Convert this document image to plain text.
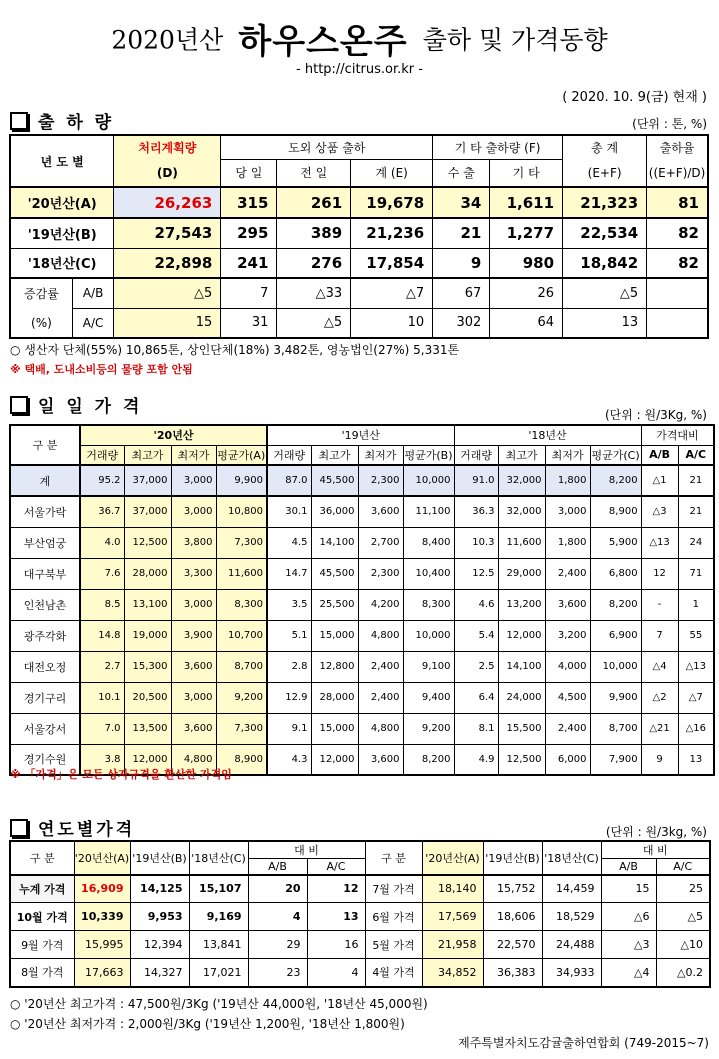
2020년산 하우스온주 출하 및 가격동향
- http://citrus.or.kr -
( 2020. 10. 9(금) 현재 )
출 하 량	(단위 : 톤, %)
년 도 별		처리계획량	도외 상품 출하			기 타 출하량 (F)		총 계	출하율
		(D)	당 일	전 일	계 (E)	수 출	기 타	(E+F)	((E+F)/D)
'20년산(A)		26,263	315	261	19,678	34	1,611	21,323	81
'19년산(B)		27,543	295	389	21,236	21	1,277	22,534	82
'18년산(C)		22,898	241	276	17,854	9	980	18,842	82
증감률	A/B	△5	7	△33	△7	67	26	△5	
(%)	A/C	15	31	△5	10	302	64	13	
○ 생산자 단체(55%) 10,865톤, 상인단체(18%) 3,482톤, 영농법인(27%) 5,331톤
※ 택배, 도내소비등의 물량 포함 안됨
일 일 가 격	(단위 : 원/3Kg, %)
구 분	'20년산				'19년산				'18년산				가격대비	
	거래량	최고가	최저가	평균가(A)	거래량	최고가	최저가	평균가(B)	거래량	최고가	최저가	평균가(C)	A/B	A/C
계	95.2	37,000	3,000	9,900	87.0	45,500	2,300	10,000	91.0	32,000	1,800	8,200	△1	21
서울가락	36.7	37,000	3,000	10,800	30.1	36,000	3,600	11,100	36.3	32,000	3,000	8,900	△3	21
부산엄궁	4.0	12,500	3,800	7,300	4.5	14,100	2,700	8,400	10.3	11,600	1,800	5,900	△13	24
대구북부	7.6	28,000	3,300	11,600	14.7	45,500	2,300	10,400	12.5	29,000	2,400	6,800	12	71
인천남촌	8.5	13,100	3,000	8,300	3.5	25,500	4,200	8,300	4.6	13,200	3,600	8,200	-	1
광주각화	14.8	19,000	3,900	10,700	5.1	15,000	4,800	10,000	5.4	12,000	3,200	6,900	7	55
대전오정	2.7	15,300	3,600	8,700	2.8	12,800	2,400	9,100	2.5	14,100	4,000	10,000	△4	△13
경기구리	10.1	20,500	3,000	9,200	12.9	28,000	2,400	9,400	6.4	24,000	4,500	9,900	△2	△7
서울강서	7.0	13,500	3,600	7,300	9.1	15,000	4,800	9,200	8.1	15,500	2,400	8,700	△21	△16
경기수원	3.8	12,000	4,800	8,900	4.3	12,000	3,600	8,200	4.9	12,500	6,000	7,900	9	13
※ 「가격」은 모든 상자규격을 환산한 가격임
연도별가격	(단위 : 원/3kg, %)
구 분	'20년산(A)	'19년산(B)	'18년산(C)	대 비		구 분	'20년산(A)	'19년산(B)	'18년산(C)	대 비	
				A/B	A/C					A/B	A/C
누계 가격	16,909	14,125	15,107	20	12	7월 가격	18,140	15,752	14,459	15	25
10월 가격	10,339	9,953	9,169	4	13	6월 가격	17,569	18,606	18,529	△6	△5
9월 가격	15,995	12,394	13,841	29	16	5월 가격	21,958	22,570	24,488	△3	△10
8월 가격	17,663	14,327	17,021	23	4	4월 가격	34,852	36,383	34,933	△4	△0.2
○ '20년산 최고가격 : 47,500원/3Kg ('19년산 44,000원, '18년산 45,000원)
○ '20년산 최저가격 : 2,000원/3Kg ('19년산 1,200원, '18년산 1,800원)
제주특별자치도감귤출하연합회 (749-2015~7)
